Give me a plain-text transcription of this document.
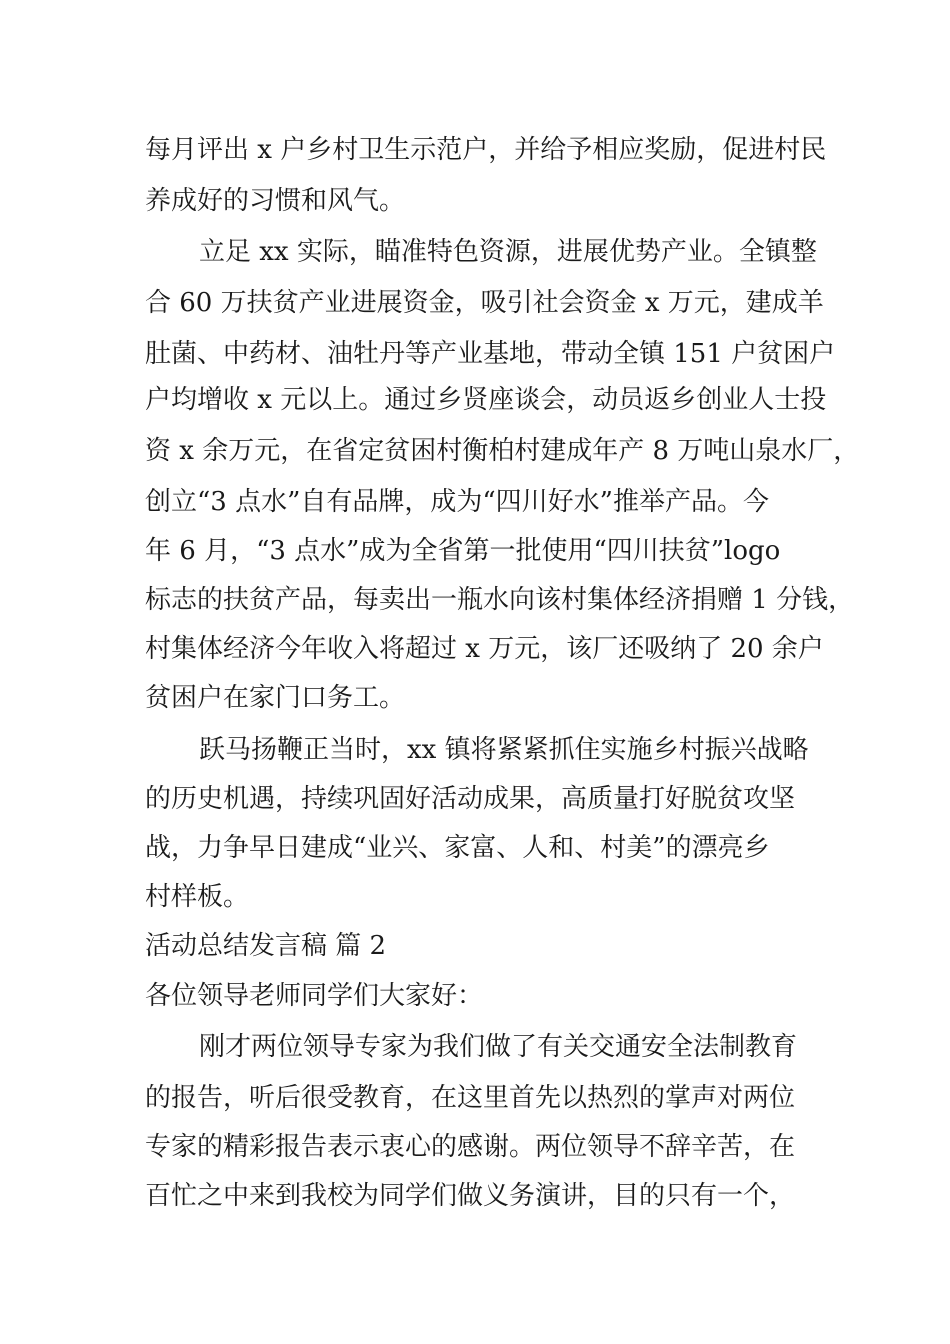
每月评出 x 户乡村卫生示范户，并给予相应奖励，促进村民
养成好的习惯和风气。
立足 xx 实际，瞄准特色资源，进展优势产业。全镇整
合 60 万扶贫产业进展资金，吸引社会资金 x 万元，建成羊
肚菌、中药材、油牡丹等产业基地，带动全镇 151 户贫困户
户均增收 x 元以上。通过乡贤座谈会，动员返乡创业人士投
资 x 余万元，在省定贫困村衡柏村建成年产 8 万吨山泉水厂，
创立“3 点水”自有品牌，成为“四川好水”推举产品。今
年 6 月，“3 点水”成为全省第一批使用“四川扶贫”logo
标志的扶贫产品，每卖出一瓶水向该村集体经济捐赠 1 分钱，
村集体经济今年收入将超过 x 万元，该厂还吸纳了 20 余户
贫困户在家门口务工。
跃马扬鞭正当时，xx 镇将紧紧抓住实施乡村振兴战略
的历史机遇，持续巩固好活动成果，高质量打好脱贫攻坚
战，力争早日建成“业兴、家富、人和、村美”的漂亮乡
村样板。
活动总结发言稿 篇 2
各位领导老师同学们大家好：
刚才两位领导专家为我们做了有关交通安全法制教育
的报告，听后很受教育，在这里首先以热烈的掌声对两位
专家的精彩报告表示衷心的感谢。两位领导不辞辛苦，在
百忙之中来到我校为同学们做义务演讲，目的只有一个，
